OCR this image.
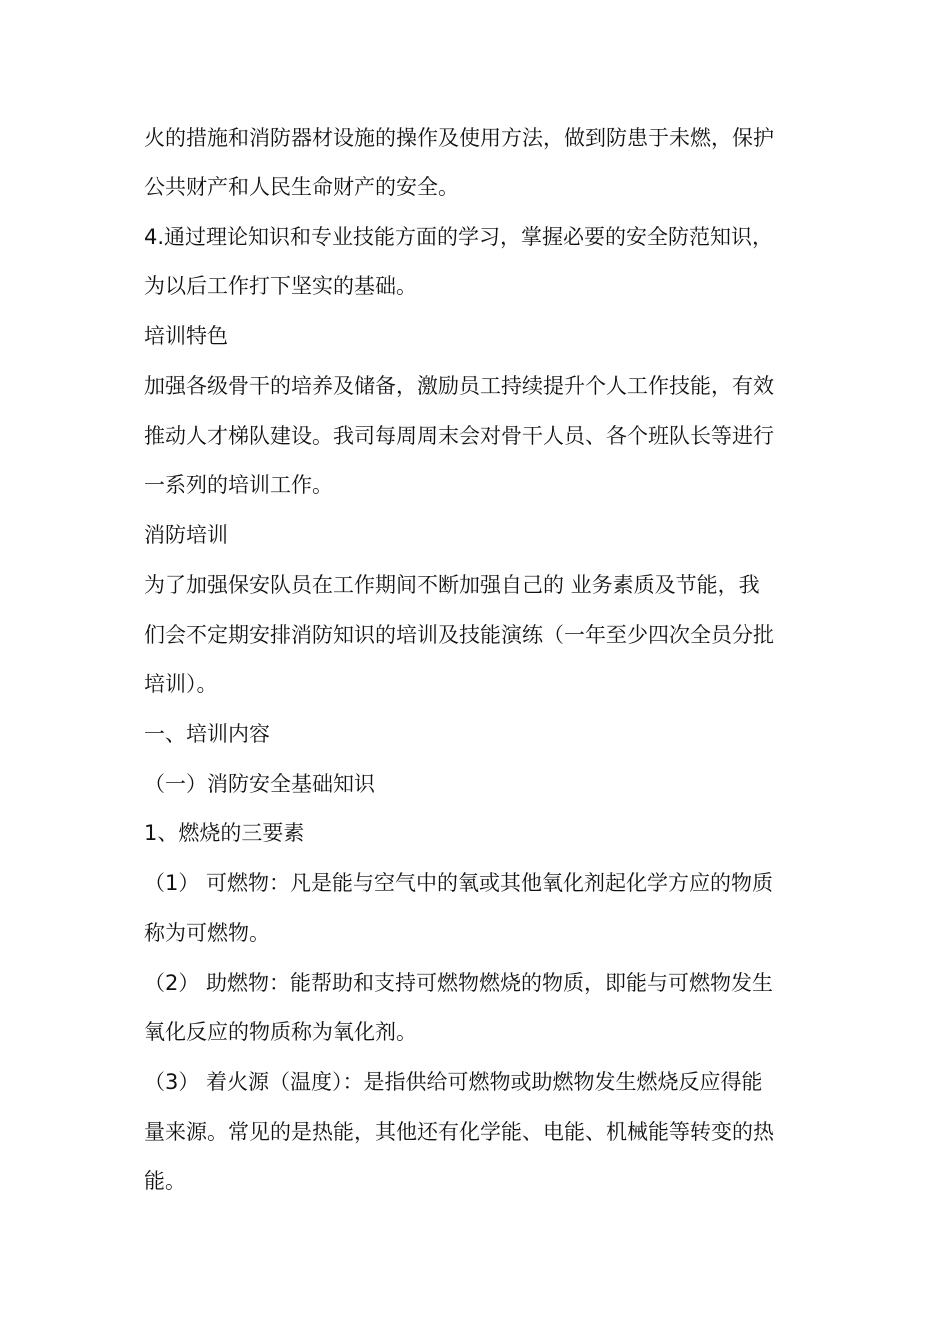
火的措施和消防器材设施的操作及使用方法，做到防患于未燃，保护
公共财产和人民生命财产的安全。
4.通过理论知识和专业技能方面的学习，掌握必要的安全防范知识，
为以后工作打下坚实的基础。
培训特色
加强各级骨干的培养及储备，激励员工持续提升个人工作技能，有效
推动人才梯队建设。我司每周周末会对骨干人员、各个班队长等进行
一系列的培训工作。
消防培训
为了加强保安队员在工作期间不断加强自己的 业务素质及节能，我
们会不定期安排消防知识的培训及技能演练（一年至少四次全员分批
培训）。
一、培训内容
（一）消防安全基础知识
1、燃烧的三要素
（1） 可燃物：凡是能与空气中的氧或其他氧化剂起化学方应的物质
称为可燃物。
（2） 助燃物：能帮助和支持可燃物燃烧的物质，即能与可燃物发生
氧化反应的物质称为氧化剂。
（3） 着火源（温度）：是指供给可燃物或助燃物发生燃烧反应得能
量来源。常见的是热能，其他还有化学能、电能、机械能等转变的热
能。
